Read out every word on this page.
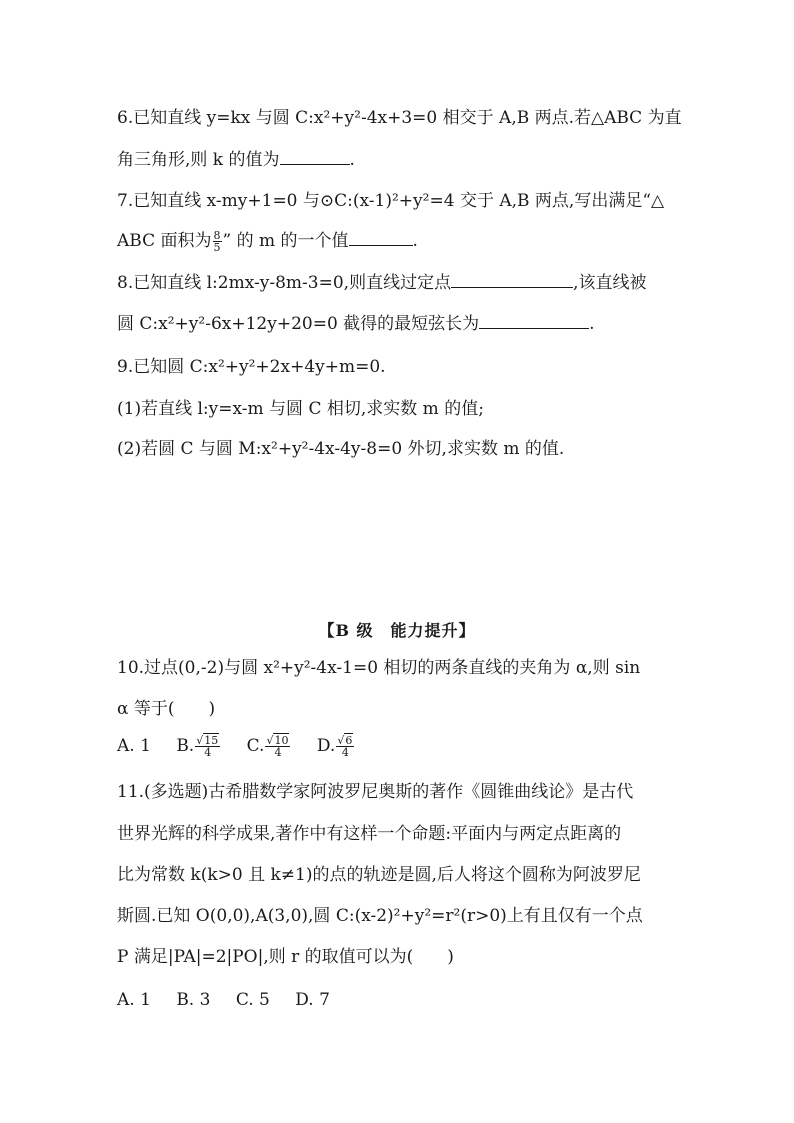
6.已知直线 y=kx 与圆 C:x²+y²-4x+3=0 相交于 A,B 两点.若△ABC 为直
角三角形,则 k 的值为	.
7.已知直线 x-my+1=0 与⊙C:(x-1)²+y²=4 交于 A,B 两点,写出满足“△
ABC 面积为 $\frac{8}{5}$ ” 的 m 的一个值	.
8.已知直线 l:2mx-y-8m-3=0,则直线过定点	,该直线被
圆 C:x²+y²-6x+12y+20=0 截得的最短弦长为	.
9.已知圆 C:x²+y²+2x+4y+m=0.
(1)若直线 l:y=x-m 与圆 C 相切,求实数 m 的值;
(2)若圆 C 与圆 M:x²+y²-4x-4y-8=0 外切,求实数 m 的值.
【B 级　能力提升】
10.过点(0,-2)与圆 x²+y²-4x-1=0 相切的两条直线的夹角为 α,则 sin
α 等于(　　)
A. 1 B. $\frac{√15}{4} C$. $\frac{√10}{4} D$. $\frac{√6}{4}$
11.(多选题)古希腊数学家阿波罗尼奥斯的著作《圆锥曲线论》是古代
世界光辉的科学成果,著作中有这样一个命题:平面内与两定点距离的
比为常数 k(k>0 且 k≠1)的点的轨迹是圆,后人将这个圆称为阿波罗尼
斯圆.已知 O(0,0),A(3,0),圆 C:(x-2)²+y²=r²(r>0)上有且仅有一个点
P 满足|PA|=2|PO|,则 r 的取值可以为(　　)
A. 1 B. 3 C. 5 D. 7
